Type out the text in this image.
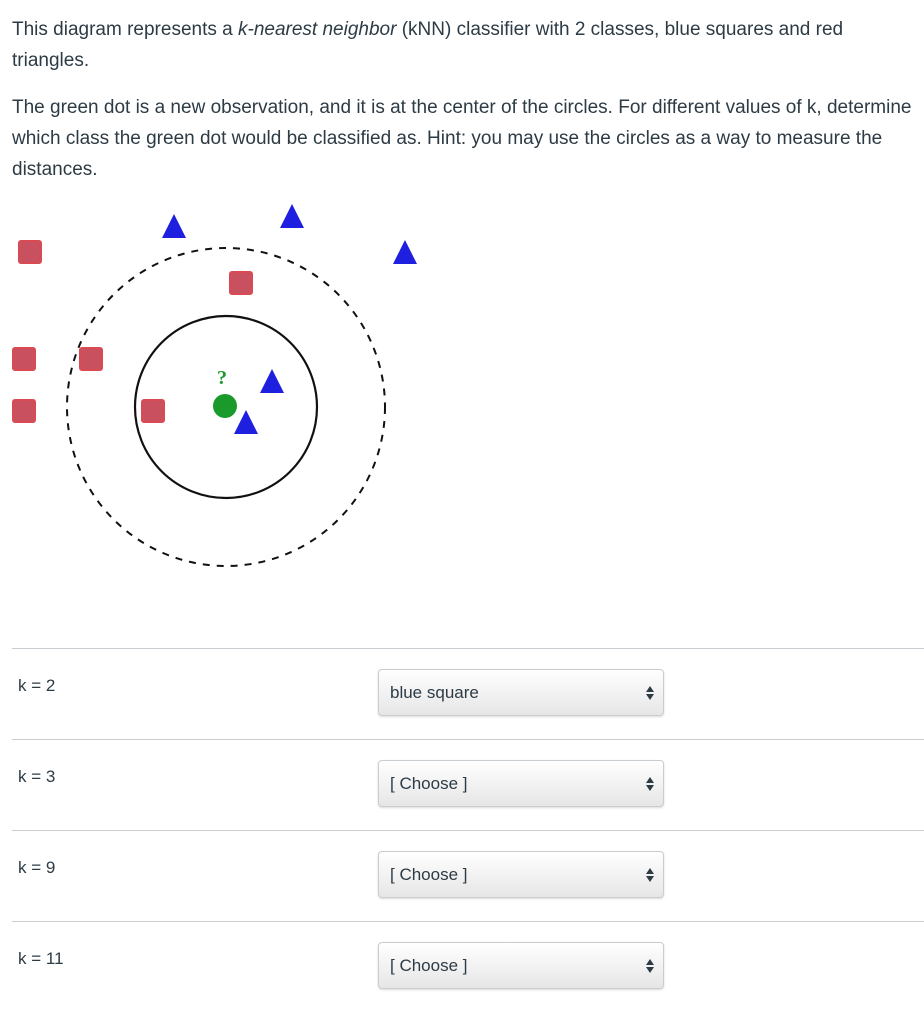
This diagram represents a k-nearest neighbor (kNN) classifier with 2 classes, blue squares and red triangles.

The green dot is a new observation, and it is at the center of the circles. For different values of k, determine which class the green dot would be classified as. Hint: you may use the circles as a way to measure the distances.

?
k = 2	blue square
k = 3	[ Choose ]
k = 9	[ Choose ]
k = 11	[ Choose ]
